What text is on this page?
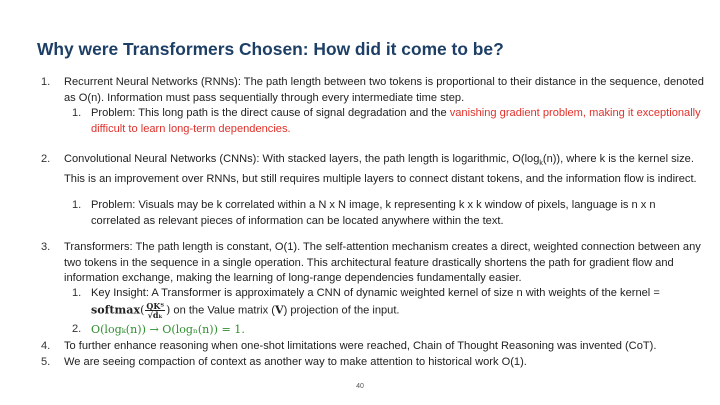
Why were Transformers Chosen: How did it come to be?
1. Recurrent Neural Networks (RNNs): The path length between two tokens is proportional to their distance in the sequence, denoted as O(n). Information must pass sequentially through every intermediate time step.
1. Problem: This long path is the direct cause of signal degradation and the vanishing gradient problem, making it exceptionally difficult to learn long-term dependencies.
2. Convolutional Neural Networks (CNNs): With stacked layers, the path length is logarithmic, $O(\log_k(n))$, where k is the kernel size. This is an improvement over RNNs, but still requires multiple layers to connect distant tokens, and the information flow is indirect.
1. Problem: Visuals may be k correlated within a N x N image, k representing k x k window of pixels, language is n x n correlated as relevant pieces of information can be located anywhere within the text.
3. Transformers: The path length is constant, O(1). The self-attention mechanism creates a direct, weighted connection between any two tokens in the sequence in a single operation. This architectural feature drastically shortens the path for gradient flow and information exchange, making the learning of long-range dependencies fundamentally easier.
1. Key Insight: A Transformer is approximately a CNN of dynamic weighted kernel of size n with weights of the kernel =
softmax( $\frac{\text{QKᵀ}}{\text{√dₖ}}$ ) on the Value matrix (V) projection of the input.
2. O(logₖ(n)) → O(logₙ(n)) = 1.
4. To further enhance reasoning when one-shot limitations were reached, Chain of Thought Reasoning was invented (CoT).
5. We are seeing compaction of context as another way to make attention to historical work O(1).
40
